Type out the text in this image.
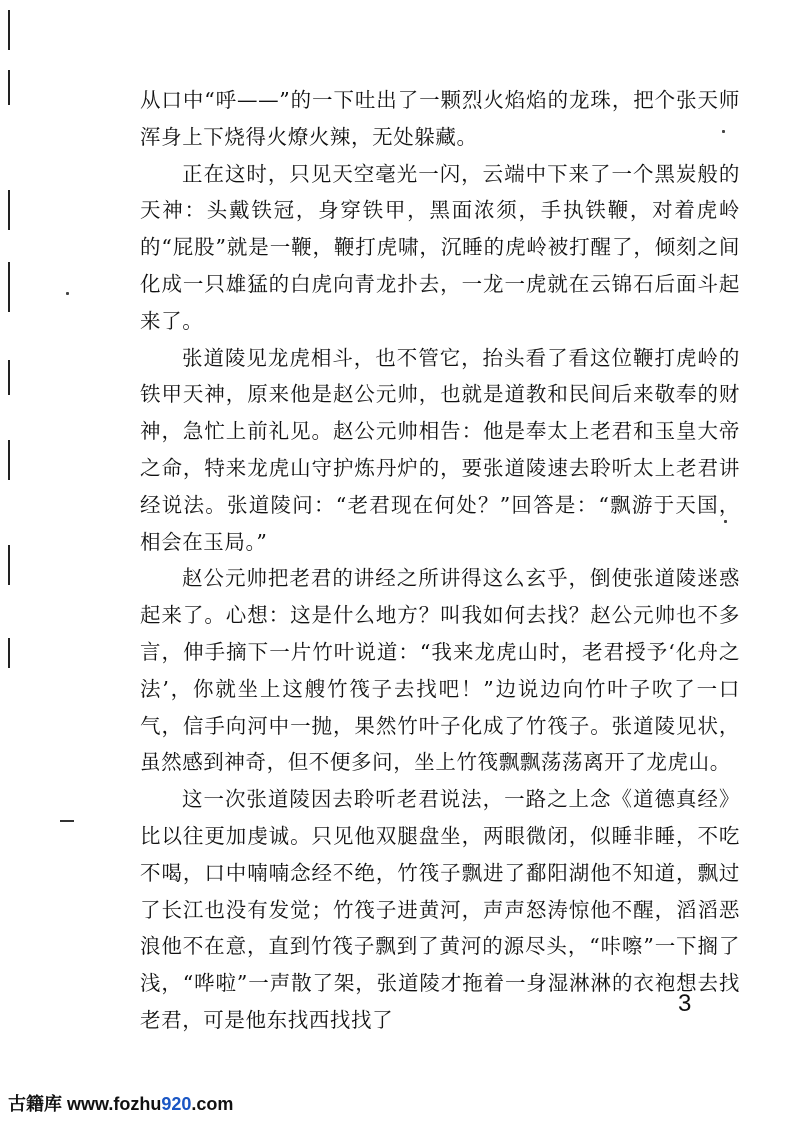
从口中“呼——”的一下吐出了一颗烈火焰焰的龙珠，把个张天师浑身上下烧得火燎火辣，无处躲藏。

正在这时，只见天空毫光一闪，云端中下来了一个黑炭般的天神：头戴铁冠，身穿铁甲，黑面浓须，手执铁鞭，对着虎岭的“屁股”就是一鞭，鞭打虎啸，沉睡的虎岭被打醒了，倾刻之间化成一只雄猛的白虎向青龙扑去，一龙一虎就在云锦石后面斗起来了。

张道陵见龙虎相斗，也不管它，抬头看了看这位鞭打虎岭的铁甲天神，原来他是赵公元帅，也就是道教和民间后来敬奉的财神，急忙上前礼见。赵公元帅相告：他是奉太上老君和玉皇大帝之命，特来龙虎山守护炼丹炉的，要张道陵速去聆听太上老君讲经说法。张道陵问：“老君现在何处？”回答是：“飘游于天国，相会在玉局。”

赵公元帅把老君的讲经之所讲得这么玄乎，倒使张道陵迷惑起来了。心想：这是什么地方？叫我如何去找？赵公元帅也不多言，伸手摘下一片竹叶说道：“我来龙虎山时，老君授予‘化舟之法’，你就坐上这艘竹筏子去找吧！”边说边向竹叶子吹了一口气，信手向河中一抛，果然竹叶子化成了竹筏子。张道陵见状，虽然感到神奇，但不便多问，坐上竹筏飘飘荡荡离开了龙虎山。

这一次张道陵因去聆听老君说法，一路之上念《道德真经》比以往更加虔诚。只见他双腿盘坐，两眼微闭，似睡非睡，不吃不喝，口中喃喃念经不绝，竹筏子飘进了鄱阳湖他不知道，飘过了长江也没有发觉；竹筏子进黄河，声声怒涛惊他不醒，滔滔恶浪他不在意，直到竹筏子飘到了黄河的源尽头，“咔嚓”一下搁了浅，“哗啦”一声散了架，张道陵才拖着一身湿淋淋的衣袍想去找老君，可是他东找西找找了

3
古籍库 www.fozhu920.com
